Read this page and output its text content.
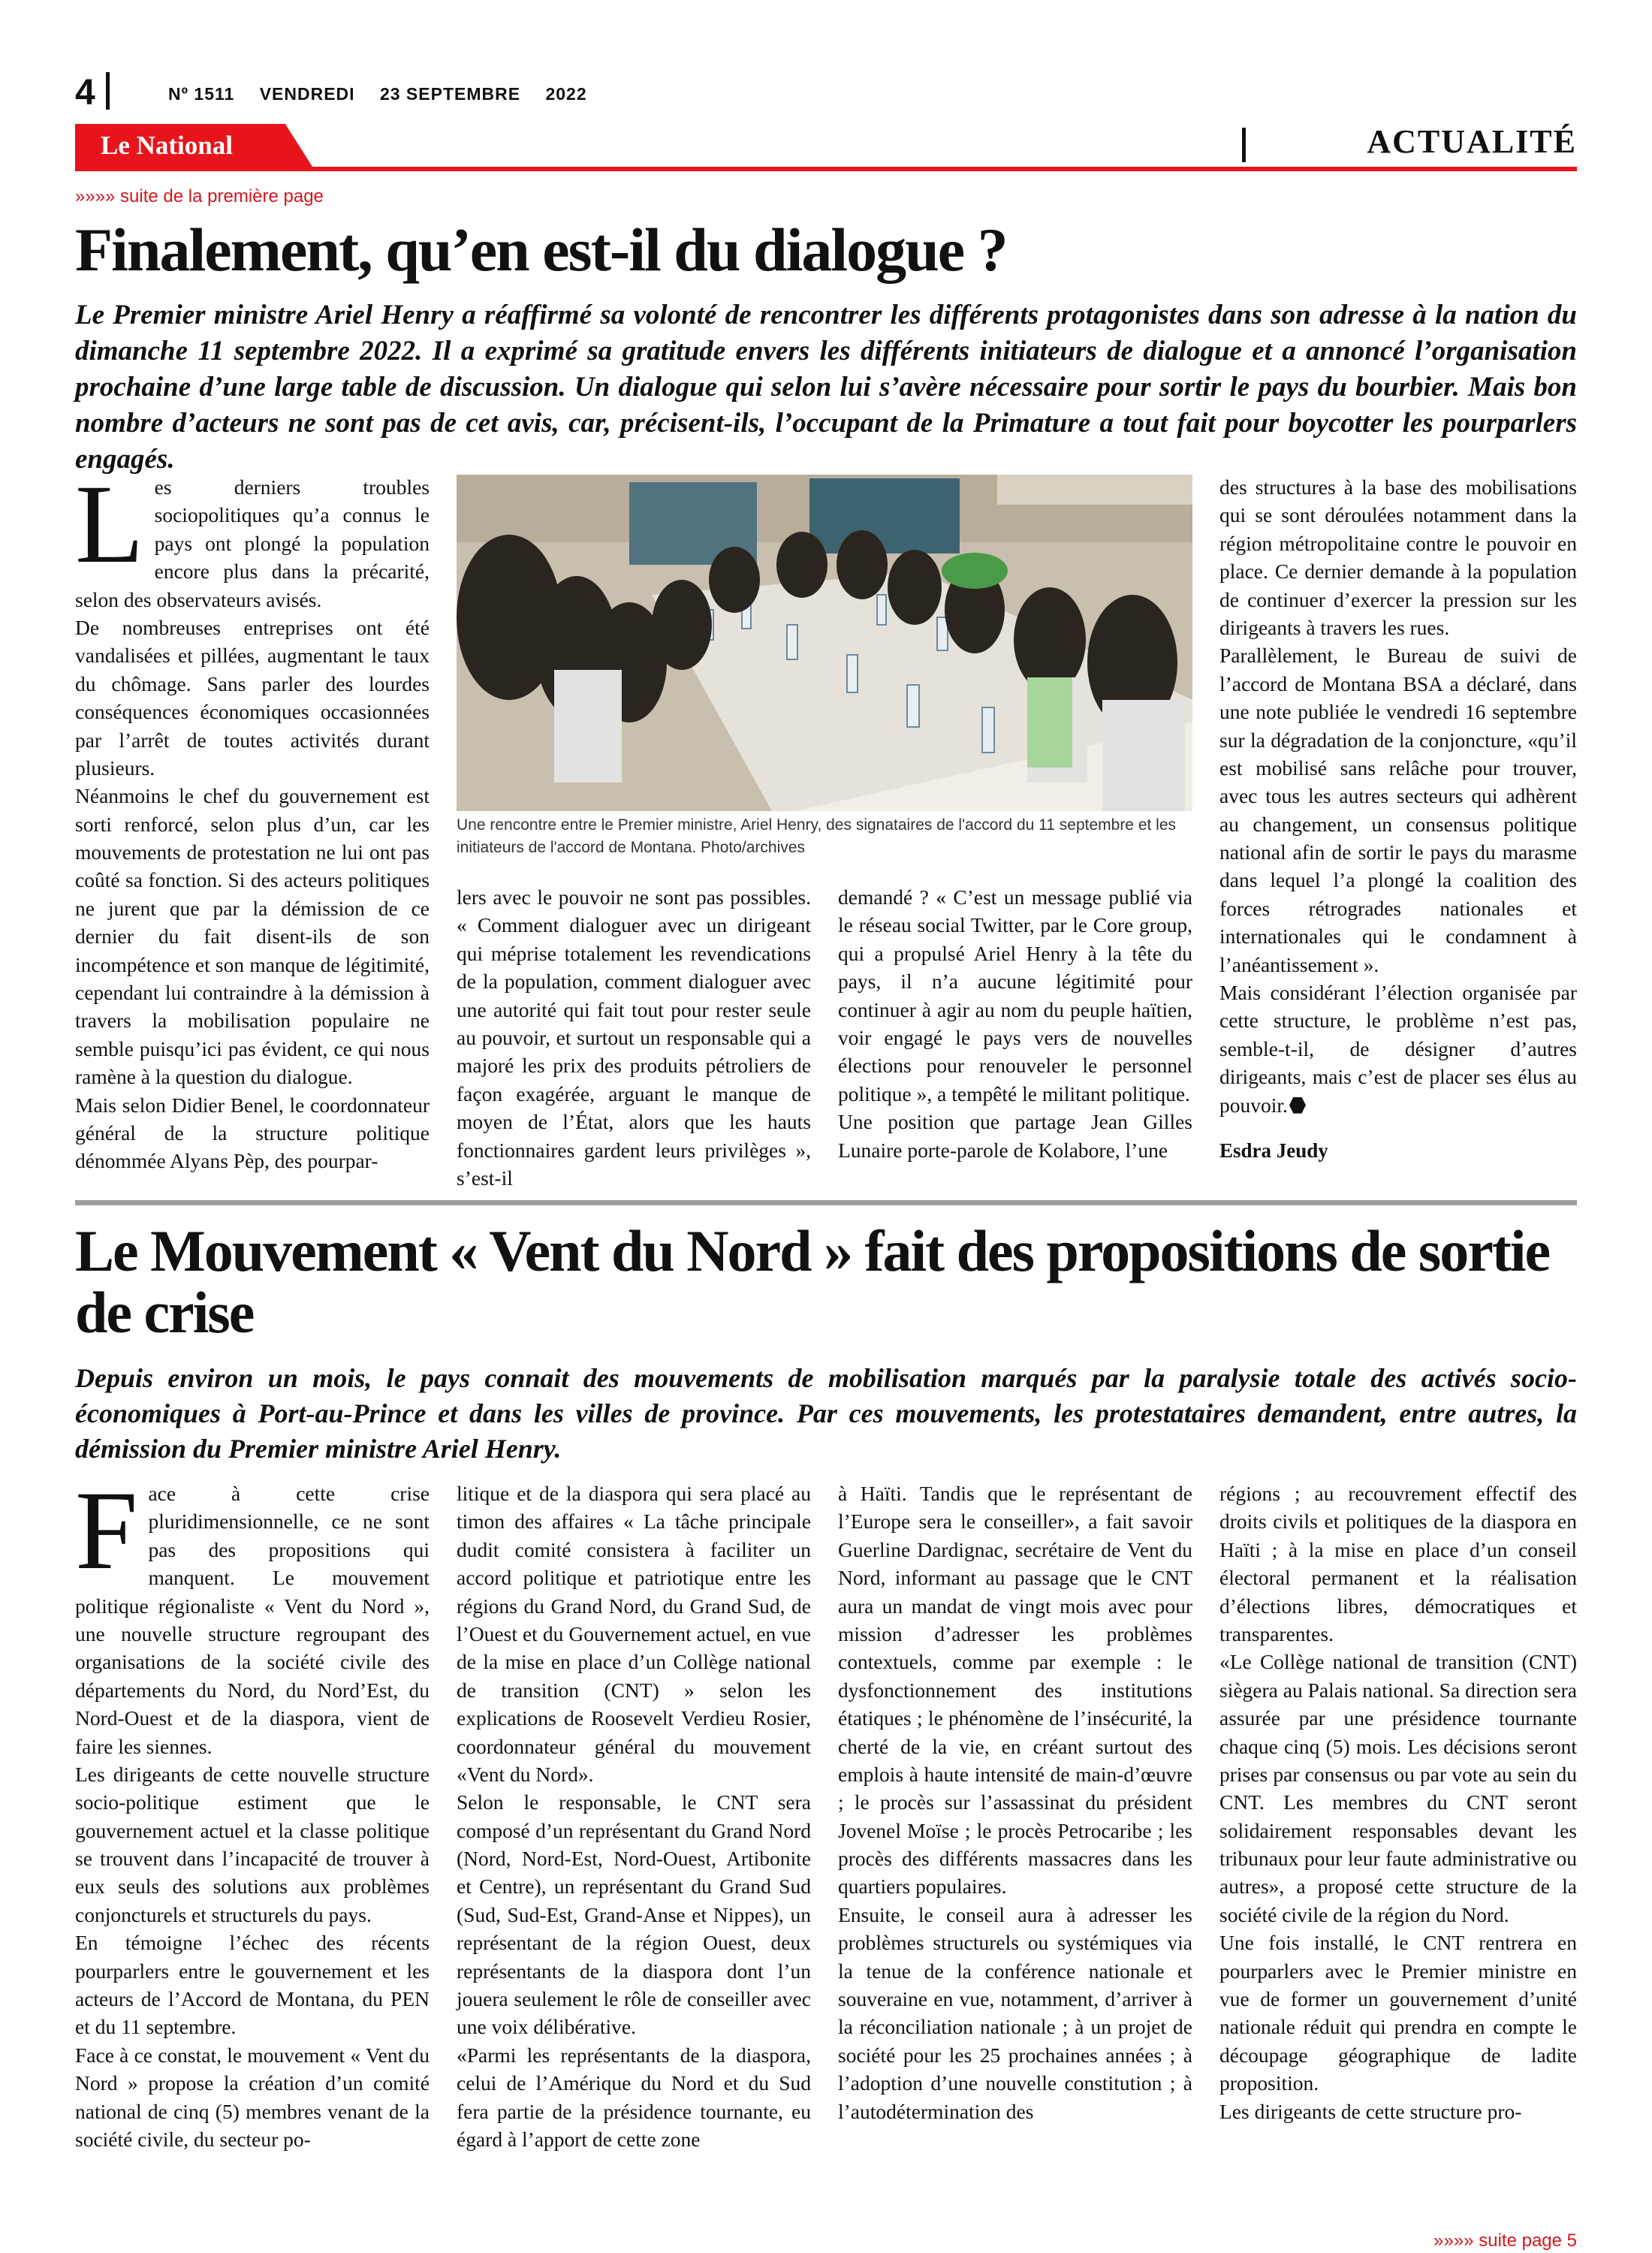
4	Nº 1511 VENDREDI 23 SEPTEMBRE 2022
Le National	ACTUALITÉ
»»»» suite de la première page
Finalement, qu’en est-il du dialogue ?
Le Premier ministre Ariel Henry a réaffirmé sa volonté de rencontrer les différents protagonistes dans son adresse à la nation du dimanche 11 septembre 2022. Il a exprimé sa gratitude envers les différents initiateurs de dialogue et a annoncé l’organisation prochaine d’une large table de discussion. Un dialogue qui selon lui s’avère nécessaire pour sortir le pays du bourbier. Mais bon nombre d’acteurs ne sont pas de cet avis, car, précisent-ils, l’occupant de la Primature a tout fait pour boycotter les pourparlers engagés.
L es derniers troubles sociopolitiques qu’a connus le pays ont plongé la population encore plus dans la précarité, selon des observateurs avisés.

De nombreuses entreprises ont été vandalisées et pillées, augmentant le taux du chômage. Sans parler des lourdes conséquences économiques occasionnées par l’arrêt de toutes activités durant plusieurs.

Néanmoins le chef du gouvernement est sorti renforcé, selon plus d’un, car les mouvements de protestation ne lui ont pas coûté sa fonction. Si des acteurs politiques ne jurent que par la démission de ce dernier du fait disent-ils de son incompétence et son manque de légitimité, cependant lui contraindre à la démission à travers la mobilisation populaire ne semble puisqu’ici pas évident, ce qui nous ramène à la question du dialogue.

Mais selon Didier Benel, le coordonnateur général de la structure politique dénommée Alyans Pèp, des pourpar-

Une rencontre entre le Premier ministre, Ariel Henry, des signataires de l'accord du 11 septembre et les initiateurs de l'accord de Montana. Photo/archives

lers avec le pouvoir ne sont pas possibles. « Comment dialoguer avec un dirigeant qui méprise totalement les revendications de la population, comment dialoguer avec une autorité qui fait tout pour rester seule au pouvoir, et surtout un responsable qui a majoré les prix des produits pétroliers de façon exagérée, arguant le manque de moyen de l’État, alors que les hauts fonctionnaires gardent leurs privilèges », s’est-il

demandé ? « C’est un message publié via le réseau social Twitter, par le Core group, qui a propulsé Ariel Henry à la tête du pays, il n’a aucune légitimité pour continuer à agir au nom du peuple haïtien, voir engagé le pays vers de nouvelles élections pour renouveler le personnel politique », a tempêté le militant politique.

Une position que partage Jean Gilles Lunaire porte-parole de Kolabore, l’une

des structures à la base des mobilisations qui se sont déroulées notamment dans la région métropolitaine contre le pouvoir en place. Ce dernier demande à la population de continuer d’exercer la pression sur les dirigeants à travers les rues.

Parallèlement, le Bureau de suivi de l’accord de Montana BSA a déclaré, dans une note publiée le vendredi 16 septembre sur la dégradation de la conjoncture, «qu’il est mobilisé sans relâche pour trouver, avec tous les autres secteurs qui adhèrent au changement, un consensus politique national afin de sortir le pays du marasme dans lequel l’a plongé la coalition des forces rétrogrades nationales et internationales qui le condamnent à l’anéantissement ».

Mais considérant l’élection organisée par cette structure, le problème n’est pas, semble-t-il, de désigner d’autres dirigeants, mais c’est de placer ses élus au pouvoir.

Esdra Jeudy

Le Mouvement « Vent du Nord » fait des propositions de sortie de crise
Depuis environ un mois, le pays connait des mouvements de mobilisation marqués par la paralysie totale des activés socio-économiques à Port-au-Prince et dans les villes de province. Par ces mouvements, les protestataires demandent, entre autres, la démission du Premier ministre Ariel Henry.
F ace à cette crise pluridimensionnelle, ce ne sont pas des propositions qui manquent. Le mouvement politique régionaliste « Vent du Nord », une nouvelle structure regroupant des organisations de la société civile des départements du Nord, du Nord’Est, du Nord-Ouest et de la diaspora, vient de faire les siennes.

Les dirigeants de cette nouvelle structure socio-politique estiment que le gouvernement actuel et la classe politique se trouvent dans l’incapacité de trouver à eux seuls des solutions aux problèmes conjoncturels et structurels du pays.

En témoigne l’échec des récents pourparlers entre le gouvernement et les acteurs de l’Accord de Montana, du PEN et du 11 septembre.

Face à ce constat, le mouvement « Vent du Nord » propose la création d’un comité national de cinq (5) membres venant de la société civile, du secteur po-

litique et de la diaspora qui sera placé au timon des affaires « La tâche principale dudit comité consistera à faciliter un accord politique et patriotique entre les régions du Grand Nord, du Grand Sud, de l’Ouest et du Gouvernement actuel, en vue de la mise en place d’un Collège national de transition (CNT) » selon les explications de Roosevelt Verdieu Rosier, coordonnateur général du mouvement «Vent du Nord».

Selon le responsable, le CNT sera composé d’un représentant du Grand Nord (Nord, Nord-Est, Nord-Ouest, Artibonite et Centre), un représentant du Grand Sud (Sud, Sud-Est, Grand-Anse et Nippes), un représentant de la région Ouest, deux représentants de la diaspora dont l’un jouera seulement le rôle de conseiller avec une voix délibérative.

«Parmi les représentants de la diaspora, celui de l’Amérique du Nord et du Sud fera partie de la présidence tournante, eu égard à l’apport de cette zone

à Haïti. Tandis que le représentant de l’Europe sera le conseiller», a fait savoir Guerline Dardignac, secrétaire de Vent du Nord, informant au passage que le CNT aura un mandat de vingt mois avec pour mission d’adresser les problèmes contextuels, comme par exemple : le dysfonctionnement des institutions étatiques ; le phénomène de l’insécurité, la cherté de la vie, en créant surtout des emplois à haute intensité de main-d’œuvre ; le procès sur l’assassinat du président Jovenel Moïse ; le procès Petrocaribe ; les procès des différents massacres dans les quartiers populaires.

Ensuite, le conseil aura à adresser les problèmes structurels ou systémiques via la tenue de la conférence nationale et souveraine en vue, notamment, d’arriver à la réconciliation nationale ; à un projet de société pour les 25 prochaines années ; à l’adoption d’une nouvelle constitution ; à l’autodétermination des

régions ; au recouvrement effectif des droits civils et politiques de la diaspora en Haïti ; à la mise en place d’un conseil électoral permanent et la réalisation d’élections libres, démocratiques et transparentes.

«Le Collège national de transition (CNT) siègera au Palais national. Sa direction sera assurée par une présidence tournante chaque cinq (5) mois. Les décisions seront prises par consensus ou par vote au sein du CNT. Les membres du CNT seront solidairement responsables devant les tribunaux pour leur faute administrative ou autres», a proposé cette structure de la société civile de la région du Nord.

Une fois installé, le CNT rentrera en pourparlers avec le Premier ministre en vue de former un gouvernement d’unité nationale réduit qui prendra en compte le découpage géographique de ladite proposition.

Les dirigeants de cette structure pro-

»»»» suite page 5
